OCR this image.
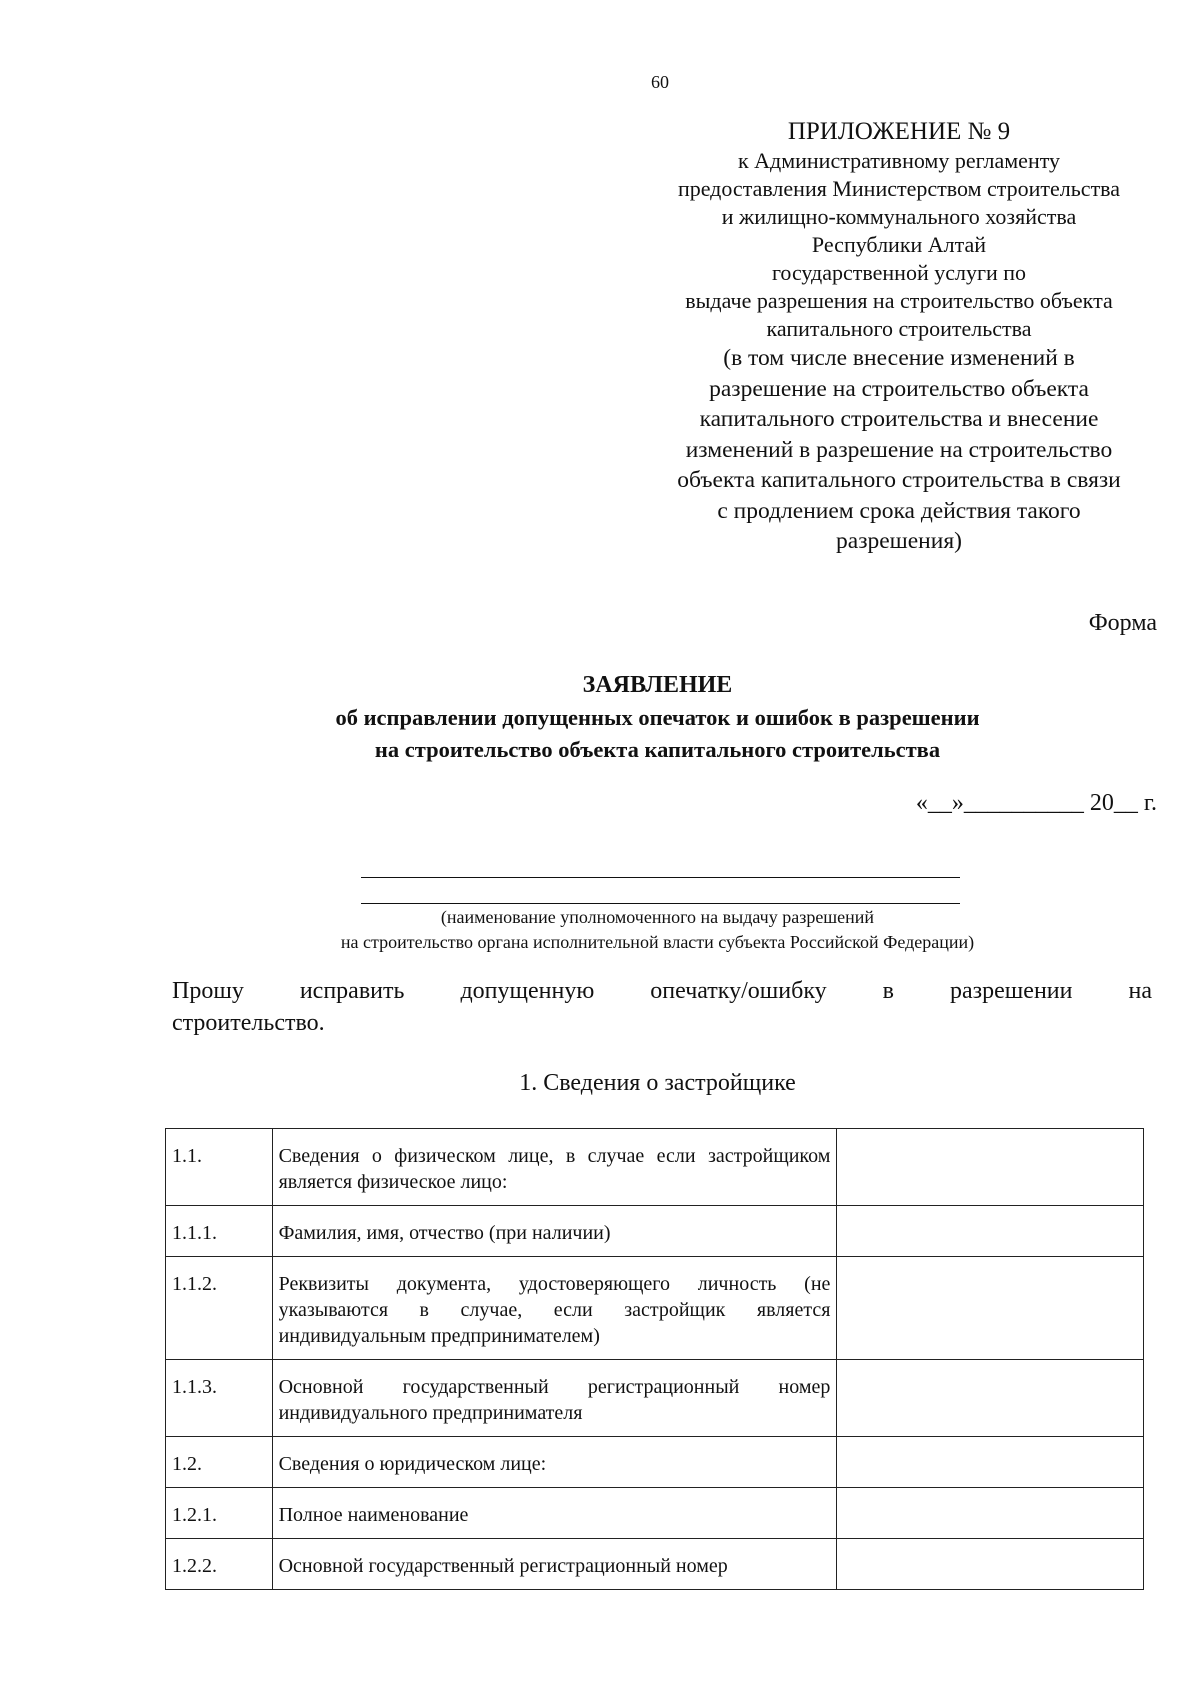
60
ПРИЛОЖЕНИЕ № 9
к Административному регламенту
предоставления Министерством строительства
и жилищно-коммунального хозяйства
Республики Алтай
государственной услуги по
выдаче разрешения на строительство объекта
капитального строительства
(в том числе внесение изменений в
разрешение на строительство объекта
капитального строительства и внесение
изменений в разрешение на строительство
объекта капитального строительства в связи
с продлением срока действия такого
разрешения)
Форма
ЗАЯВЛЕНИЕ
об исправлении допущенных опечаток и ошибок в разрешении
на строительство объекта капитального строительства
«__»__________ 20__ г.
(наименование уполномоченного на выдачу разрешений
на строительство органа исполнительной власти субъекта Российской Федерации)
Прошу исправить допущенную опечатку/ошибку в разрешении на
строительство.
1. Сведения о застройщике
1.1.	Сведения о физическом лице, в случае если застройщиком является физическое лицо:	
1.1.1.	Фамилия, имя, отчество (при наличии)	
1.1.2.	Реквизиты документа, удостоверяющего личность (не указываются в случае, если застройщик является индивидуальным предпринимателем)	
1.1.3.	Основной государственный регистрационный номер индивидуального предпринимателя	
1.2.	Сведения о юридическом лице:	
1.2.1.	Полное наименование	
1.2.2.	Основной государственный регистрационный номер	
